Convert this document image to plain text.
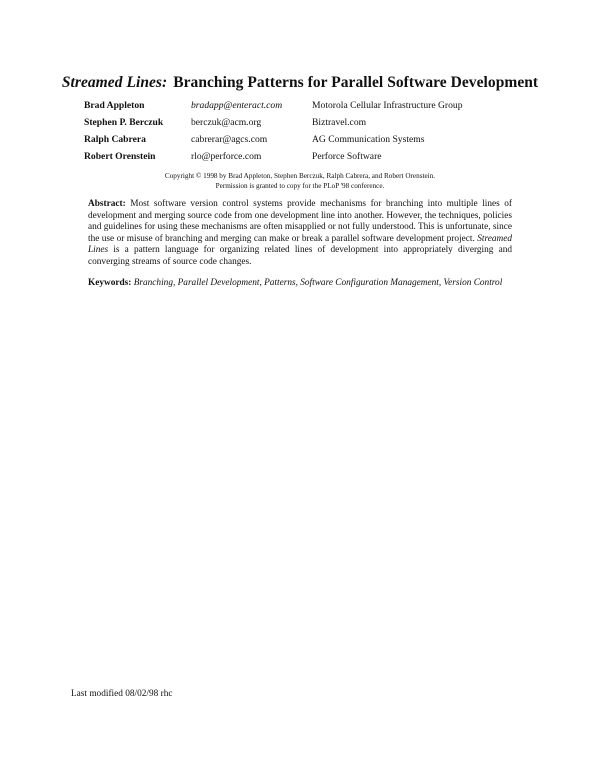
Streamed Lines: Branching Patterns for Parallel Software Development
Brad Appleton	bradapp@enteract.com	Motorola Cellular Infrastructure Group
Stephen P. Berczuk	berczuk@acm.org	Biztravel.com
Ralph Cabrera	cabrerar@agcs.com	AG Communication Systems
Robert Orenstein	rlo@perforce.com	Perforce Software
Copyright © 1998 by Brad Appleton, Stephen Berczuk, Ralph Cabrera, and Robert Orenstein.
Permission is granted to copy for the PLoP '98 conference.
Abstract: Most software version control systems provide mechanisms for branching into multiple lines of development and merging source code from one development line into another. However, the techniques, policies and guidelines for using these mechanisms are often misapplied or not fully understood. This is unfortunate, since the use or misuse of branching and merging can make or break a parallel software development project. Streamed Lines is a pattern language for organizing related lines of development into appropriately diverging and converging streams of source code changes.
Keywords: Branching, Parallel Development, Patterns, Software Configuration Management, Version Control
Last modified 08/02/98 rhc
